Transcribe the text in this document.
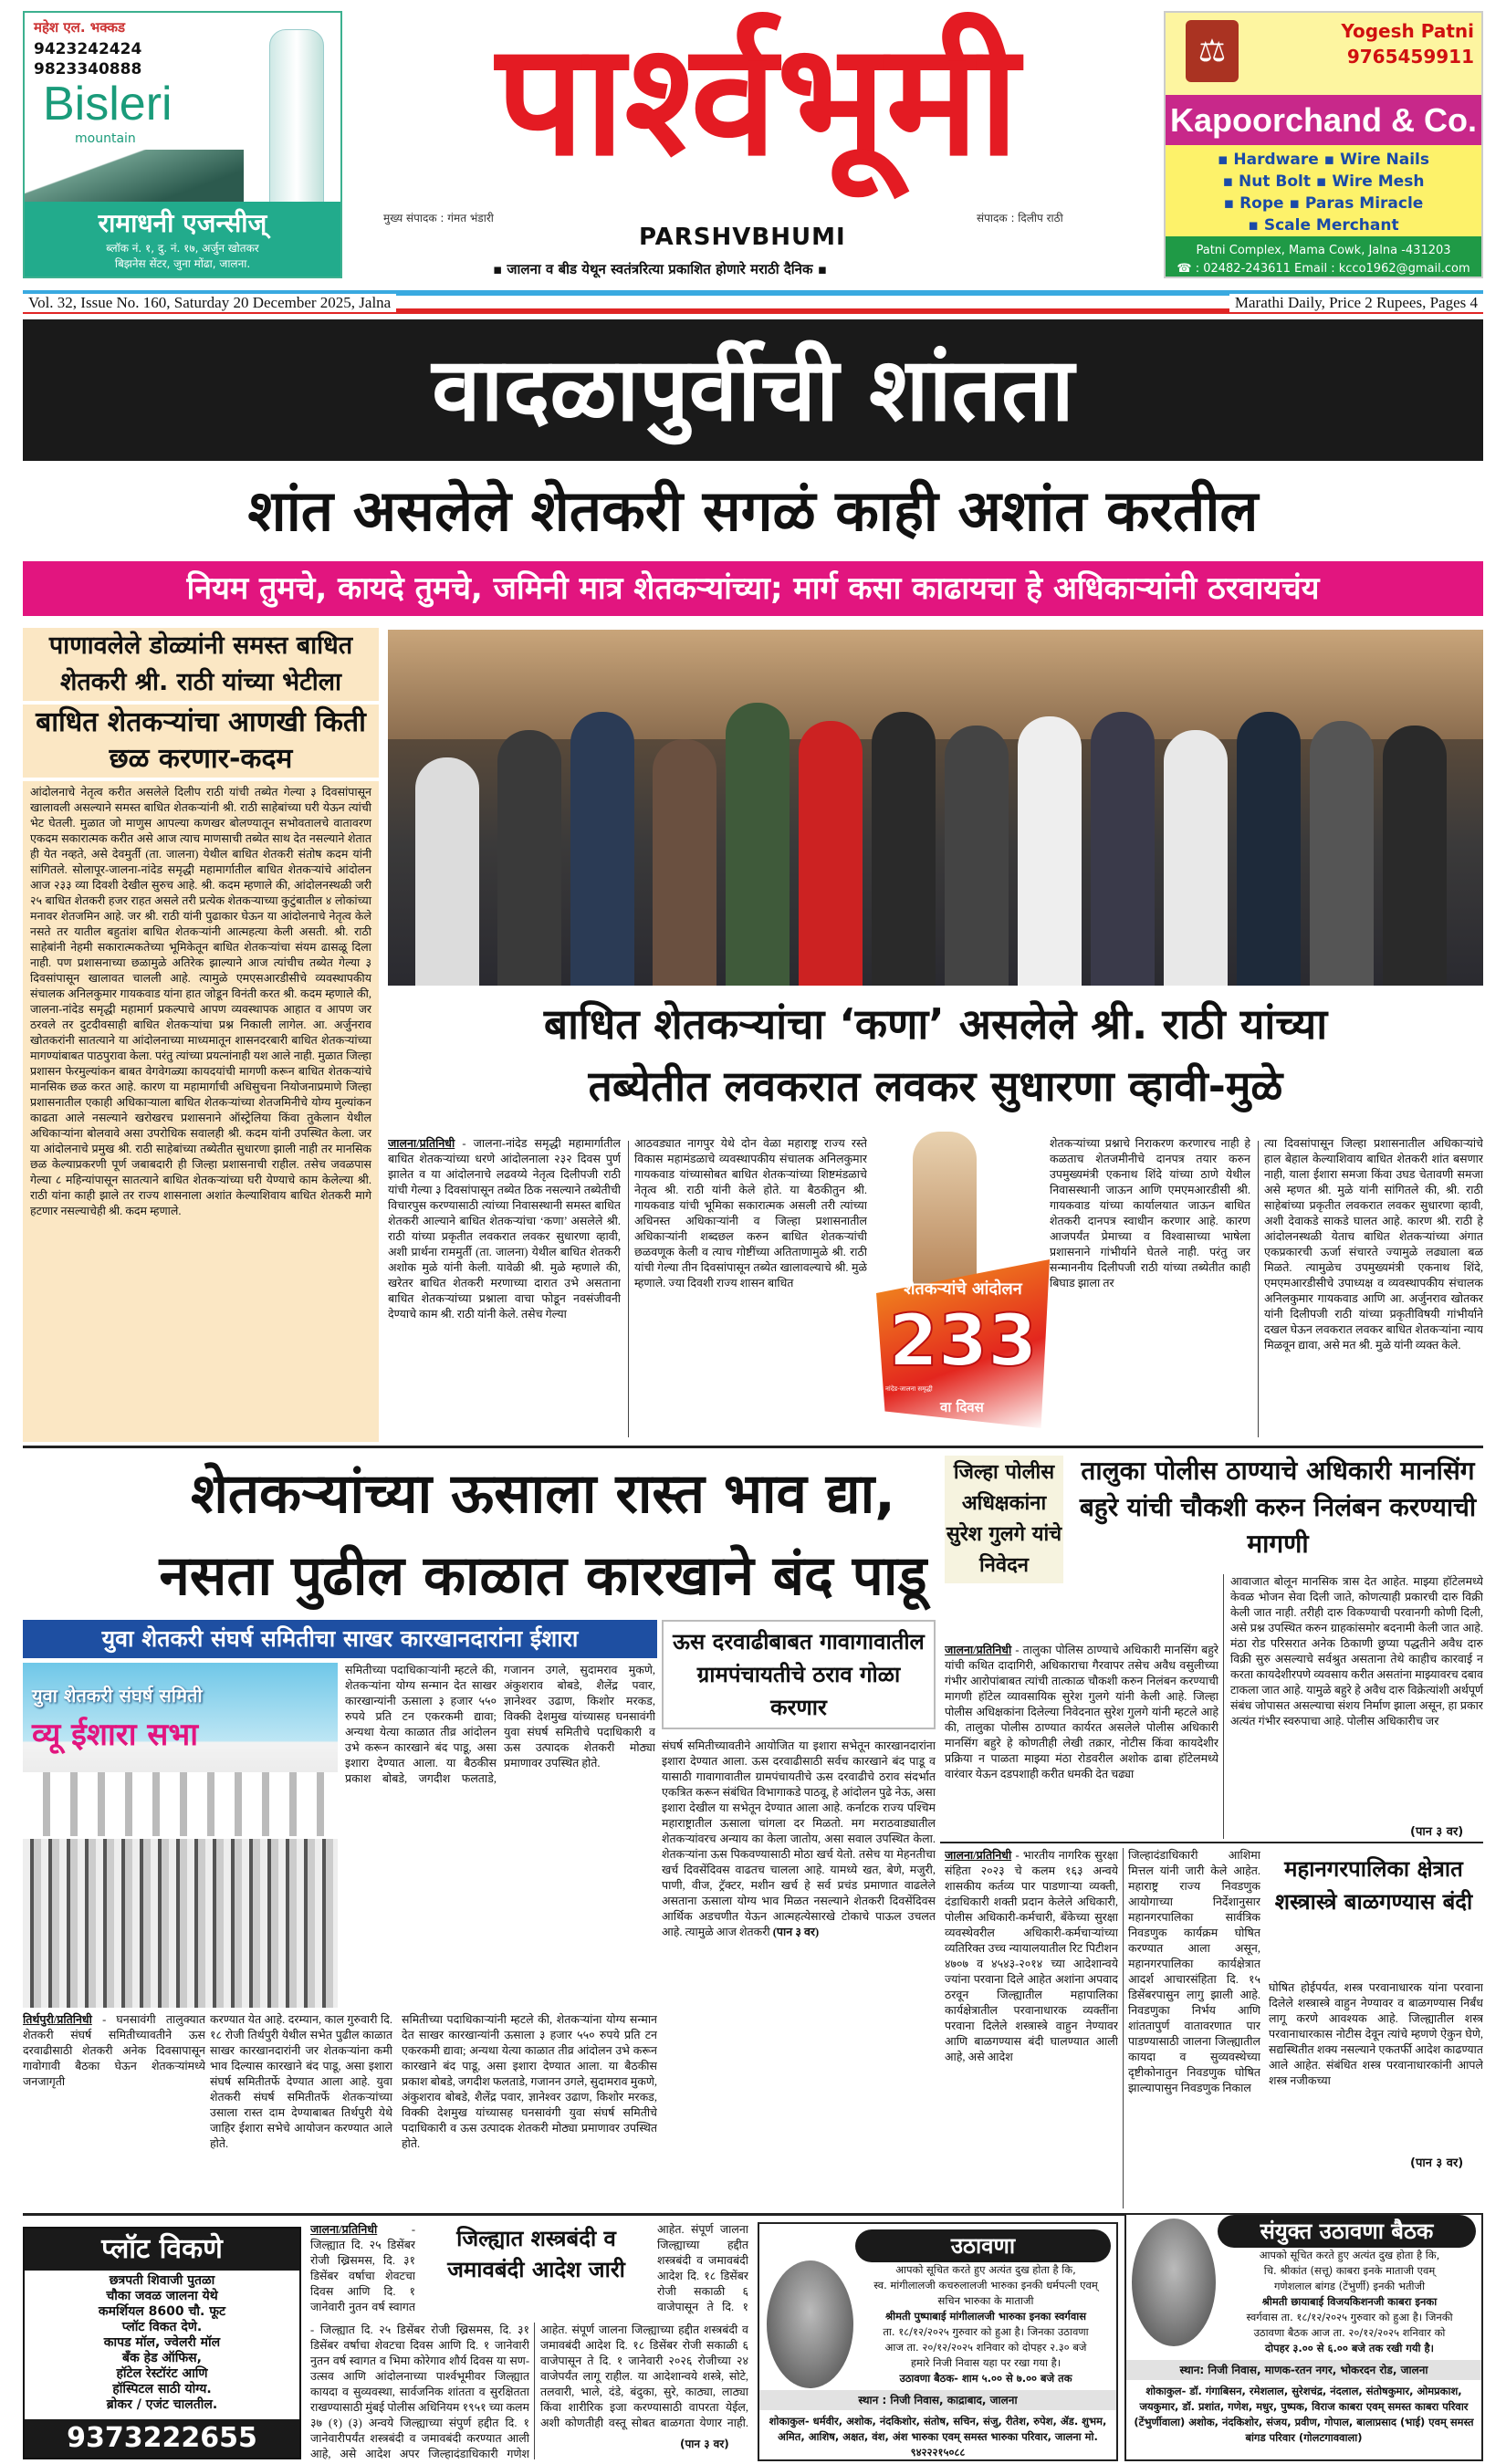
महेश एल. भक्कड
9423242424
9823340888
Bisleri
mountain
रामाधनी एजन्सीज्
ब्लॉक नं. १, दु. नं. १७, अर्जुन खोतकर
बिझनेस सेंटर, जुना मोंढा, जालना.
पार्श्वभूमी
मुख्य संपादक : गंमत भंडारी	संपादक : दिलीप राठी
PARSHVBHUMI
▪ जालना व बीड येथून स्वतंत्ररित्या प्रकाशित होणारे मराठी दैनिक ▪
⚖
Yogesh Patni
9765459911
Kapoorchand & Co.
▪ Hardware ▪ Wire Nails
▪ Nut Bolt ▪ Wire Mesh
▪ Rope ▪ Paras Miracle
▪ Scale Merchant
Patni Complex, Mama Cowk, Jalna -431203
☎ : 02482-243611 Email : kcco1962@gmail.com
Vol. 32, Issue No. 160, Saturday 20 December 2025, Jalna	Marathi Daily, Price 2 Rupees, Pages 4
वादळापुर्वीची शांतता
शांत असलेले शेतकरी सगळं काही अशांत करतील
नियम तुमचे, कायदे तुमचे, जमिनी मात्र शेतकऱ्यांच्या; मार्ग कसा काढायचा हे अधिकाऱ्यांनी ठरवायचंय
पाणावलेले डोळ्यांनी समस्त बाधित शेतकरी श्री. राठी यांच्या भेटीला
बाधित शेतकऱ्यांचा आणखी किती छळ करणार-कदम
आंदोलनाचे नेतृत्व करीत असलेले दिलीप राठी यांची तब्येत गेल्या ३ दिवसांपासून खालावली असल्याने समस्त बाधित शेतकऱ्यांनी श्री. राठी साहेबांच्या घरी येऊन त्यांची भेट घेतली. मुळात जो माणुस आपल्या कणखर बोलण्यातून सभोवतालचे वातावरण एकदम सकारात्मक करीत असे आज त्याच माणसाची तब्येत साथ देत नसल्याने शेतात ही येत नव्हते, असे देवमुर्ती (ता. जालना) येथील बाधित शेतकरी संतोष कदम यांनी सांगितले. सोलापूर-जालना-नांदेड समृद्धी महामार्गातील बाधित शेतकऱ्यांचे आंदोलन आज २३३ व्या दिवशी देखील सुरुच आहे. श्री. कदम म्हणाले की, आंदोलनस्थळी जरी २५ बाधित शेतकरी हजर राहत असले तरी प्रत्येक शेतकऱ्याच्या कुटुंबातील ४ लोकांच्या मनावर शेतजमिन आहे. जर श्री. राठी यांनी पुढाकार घेऊन या आंदोलनाचे नेतृत्व केले नसते तर यातील बहुतांश बाधित शेतकऱ्यांनी आत्महत्या केली असती. श्री. राठी साहेबांनी नेहमी सकारात्मकतेच्या भूमिकेतून बाधित शेतकऱ्यांचा संयम ढासळू दिला नाही. पण प्रशासनाच्या छळामुळे अतिरेक झाल्याने आज त्यांचीच तब्येत गेल्या ३ दिवसांपासून खालावत चालली आहे. त्यामुळे एमएसआरडीसीचे व्यवस्थापकीय संचालक अनिलकुमार गायकवाड यांना हात जोडून विनंती करत श्री. कदम म्हणाले की, जालना-नांदेड समृद्धी महामार्ग प्रकल्पाचे आपण व्यवस्थापक आहात व आपण जर ठरवले तर दुटदीवसाही बाधित शेतकऱ्यांचा प्रश्न निकाली लागेल. आ. अर्जुनराव खोतकरांनी सातत्याने या आंदोलनाच्या माध्यमातून शासनदरबारी बाधित शेतकऱ्यांच्या मागण्यांबाबत पाठपुरावा केला. परंतु त्यांच्या प्रयत्नांनाही यश आले नाही. मुळात जिल्हा प्रशासन फेरमुल्यांकन बाबत वेगवेगळ्या कायदयांची मागणी करून बाधित शेतकऱ्यांचे मानसिक छळ करत आहे. कारण या महामार्गाची अधिसुचना नियोजनाप्रमाणे जिल्हा प्रशासनातील एकाही अधिकाऱ्याला बाधित शेतकऱ्यांच्या शेतजमिनीचे योग्य मुल्यांकन काढता आले नसल्याने खरोखरच प्रशासनाने ऑस्ट्रेलिया किंवा तुकेलान येथील अधिकाऱ्यांना बोलवावे असा उपरोधिक सवालही श्री. कदम यांनी उपस्थित केला. जर या आंदोलनाचे प्रमुख श्री. राठी साहेबांच्या तब्येतीत सुधारणा झाली नाही तर मानसिक छळ केल्याप्रकरणी पूर्ण जबाबदारी ही जिल्हा प्रशासनाची राहील. तसेच जवळपास गेल्या ८ महिन्यांपासून सातत्याने बाधित शेतकऱ्यांच्या घरी येण्याचे काम केलेल्या श्री. राठी यांना काही झाले तर राज्य शासनाला अशांत केल्याशिवाय बाधित शेतकरी मागे हटणार नसल्याचेही श्री. कदम म्हणाले.
बाधित शेतकऱ्यांचा ‘कणा’ असलेले श्री. राठी यांच्या
तब्येतीत लवकरात लवकर सुधारणा व्हावी-मुळे
जालना/प्रतिनिधी - जालना-नांदेड समृद्धी महामार्गातील बाधित शेतकऱ्यांच्या धरणे आंदोलनाला २३२ दिवस पुर्ण झालेत व या आंदोलनाचे लढवय्ये नेतृत्व दिलीपजी राठी यांची गेल्या ३ दिवसांपासून तब्येत ठिक नसल्याने तब्येतीची विचारपुस करण्यासाठी त्यांच्या निवासस्थानी समस्त बाधित शेतकरी आल्याने बाधित शेतकऱ्यांचा ‘कणा’ असलेले श्री. राठी यांच्या प्रकृतीत लवकरात लवकर सुधारणा व्हावी, अशी प्रार्थना राममुर्ती (ता. जालना) येथील बाधित शेतकरी अशोक मुळे यांनी केली. यावेळी श्री. मुळे म्हणाले की, खरेतर बाधित शेतकरी मरणाच्या दारात उभे असताना बाधित शेतकऱ्यांच्या प्रश्नाला वाचा फोडून नवसंजीवनी देण्याचे काम श्री. राठी यांनी केले. तसेच गेल्या
आठवड्यात नागपुर येथे दोन वेळा महाराष्ट्र राज्य रस्ते विकास महामंडळाचे व्यवस्थापकीय संचालक अनिलकुमार गायकवाड यांच्यासोबत बाधित शेतकऱ्यांच्या शिष्टमंडळाचे नेतृत्व श्री. राठी यांनी केले होते. या बैठकीतुन श्री. गायकवाड यांची भूमिका सकारात्मक असली तरी त्यांच्या अधिनस्त अधिकाऱ्यांनी व जिल्हा प्रशासनातील अधिकाऱ्यांनी शब्दछल करुन बाधित शेतकऱ्यांची छळवणूक केली व त्याच गोष्टींच्या अतिताणामुळे श्री. राठी यांची गेल्या तीन दिवसांपासून तब्येत खालावल्याचे श्री. मुळे म्हणाले. ज्या दिवशी राज्य शासन बाधित	शेतकऱ्यांचे आंदोलन
233
नांदेड-जालना समृद्धी
वा दिवस
शेतकऱ्यांच्या प्रश्नाचे निराकरण करणारच नाही हे कळताच शेतजमीनीचे दानपत्र तयार करुन उपमुख्यमंत्री एकनाथ शिंदे यांच्या ठाणे येथील निवासस्थानी जाऊन आणि एमएमआरडीसी श्री. गायकवाड यांच्या कार्यालयात जाऊन बाधित शेतकरी दानपत्र स्वाधीन करणार आहे. कारण आजपर्यंत प्रेमाच्या व विश्वासाच्या भाषेला प्रशासनाने गांभीर्याने घेतले नाही. परंतु जर सन्माननीय दिलीपजी राठी यांच्या तब्येतीत काही बिघाड झाला तर
त्या दिवसांपासून जिल्हा प्रशासनातील अधिकाऱ्यांचे हाल बेहाल केल्याशिवाय बाधित शेतकरी शांत बसणार नाही, याला ईशारा समजा किंवा उघड चेतावणी समजा असे म्हणत श्री. मुळे यांनी सांगितले की, श्री. राठी साहेबांच्या प्रकृतीत लवकरात लवकर सुधारणा व्हावी, अशी देवाकडे साकडे घालत आहे. कारण श्री. राठी हे आंदोलनस्थळी येताच बाधित शेतकऱ्यांच्या अंगात एकप्रकारची ऊर्जा संचारते ज्यामुळे लढ्याला बळ मिळते. त्यामुळेच उपमुख्यमंत्री एकनाथ शिंदे, एमएमआरडीसीचे उपाध्यक्ष व व्यवस्थापकीय संचालक अनिलकुमार गायकवाड आणि आ. अर्जुनराव खोतकर यांनी दिलीपजी राठी यांच्या प्रकृतीविषयी गांभीर्याने दखल घेऊन लवकरात लवकर बाधित शेतकऱ्यांना न्याय मिळवून द्यावा, असे मत श्री. मुळे यांनी व्यक्त केले.
शेतकऱ्यांच्या ऊसाला रास्त भाव द्या,
नसता पुढील काळात कारखाने बंद पाडू
युवा शेतकरी संघर्ष समितीचा साखर कारखानदारांना ईशारा
युवा शेतकरी संघर्ष समिती
व्यू ईशारा सभा
तिर्थपुरी/प्रतिनिधी - घनसावंगी तालुक्यात शेतकरी संघर्ष समितीच्यावतीने ऊस दरवाढीसाठी शेतकरी अनेक दिवसापासून गावोगावी बैठका घेऊन शेतकऱ्यांमध्ये जनजागृती
करण्यात येत आहे. दरम्यान, काल गुरुवारी दि. १८ रोजी तिर्थपुरी येथील सभेत पुढील काळात साखर कारखानदारांनी जर शेतकऱ्यांना कमी भाव दिल्यास कारखाने बंद पाडू, असा इशारा संघर्ष समितीतर्फे देण्यात आला आहे. युवा शेतकरी संघर्ष समितीतर्फे शेतकऱ्यांच्या उसाला रास्त दाम देण्याबाबत तिर्थपुरी येथे जाहिर ईशारा सभेचे आयोजन करण्यात आले होते.
समितीच्या पदाधिकाऱ्यांनी म्हटले की, शेतकऱ्यांना योग्य सन्मान देत साखर कारखान्यांनी ऊसाला ३ हजार ५५० रुपये प्रति टन एकरकमी द्यावा; अन्यथा येत्या काळात तीव्र आंदोलन उभे करून कारखाने बंद पाडू, असा इशारा देण्यात आला. या बैठकीस प्रकाश बोबडे, जगदीश फलताडे, गजानन उगले, सुदामराव मुकणे, अंकुशराव बोबडे, शैलेंद्र पवार, ज्ञानेश्वर उढाण, किशोर मरकड, विक्की देशमुख यांच्यासह घनसावंगी युवा संघर्ष समितीचे पदाधिकारी व ऊस उत्पादक शेतकरी मोठ्या प्रमाणावर उपस्थित होते.
समितीच्या पदाधिकाऱ्यांनी म्हटले की, शेतकऱ्यांना योग्य सन्मान देत साखर कारखान्यांनी ऊसाला ३ हजार ५५० रुपये प्रति टन एकरकमी द्यावा; अन्यथा येत्या काळात तीव्र आंदोलन उभे करून कारखाने बंद पाडू, असा इशारा देण्यात आला. या बैठकीस प्रकाश बोबडे, जगदीश फलताडे, गजानन उगले, सुदामराव मुकणे, अंकुशराव बोबडे, शैलेंद्र पवार, ज्ञानेश्वर उढाण, किशोर मरकड, विक्की देशमुख यांच्यासह घनसावंगी युवा संघर्ष समितीचे पदाधिकारी व ऊस उत्पादक शेतकरी मोठ्या प्रमाणावर उपस्थित होते.
ऊस दरवाढीबाबत गावागावातील ग्रामपंचायतीचे ठराव गोळा करणार
संघर्ष समितीच्यावतीने आयोजित या इशारा सभेतून कारखानदारांना इशारा देण्यात आला. ऊस दरवाढीसाठी सर्वच कारखाने बंद पाडू व यासाठी गावागावातील ग्रामपंचायतीचे ऊस दरवाढीचे ठराव संदर्भात एकत्रित करून संबंधित विभागाकडे पाठवू, हे आंदोलन पुढे नेऊ, असा इशारा देखील या सभेतून देण्यात आला आहे. कर्नाटक राज्य पश्चिम महाराष्ट्रातील ऊसाला चांगला दर मिळतो. मग मराठवाड्यातील शेतकऱ्यांवरच अन्याय का केला जातोय, असा सवाल उपस्थित केला. शेतकऱ्यांना ऊस पिकवण्यासाठी मोठा खर्च येतो. तसेच या मेहनतीचा खर्च दिवसेंदिवस वाढतच चालला आहे. यामध्ये खत, बेणे, मजुरी, पाणी, वीज, ट्रॅक्टर, मशीन खर्च हे सर्व प्रचंड प्रमाणात वाढलेले असताना ऊसाला योग्य भाव मिळत नसल्याने शेतकरी दिवसेंदिवस आर्थिक अडचणीत येऊन आत्महत्येसारखे टोकाचे पाऊल उचलत आहे. त्यामुळे आज शेतकरी (पान ३ वर)
जिल्हा पोलीस अधिक्षकांना सुरेश गुलगे यांचे निवेदन
तालुका पोलीस ठाण्याचे अधिकारी मानसिंग बहुरे यांची चौकशी करुन निलंबन करण्याची मागणी
जालना/प्रतिनिधी - तालुका पोलिस ठाण्याचे अधिकारी मानसिंग बहुरे यांची कथित दादागिरी, अधिकाराचा गैरवापर तसेच अवैध वसुलीच्या गंभीर आरोपांबाबत त्यांची तात्काळ चौकशी करुन निलंबन करण्याची मागणी हॉटेल व्यावसायिक सुरेश गुलगे यांनी केली आहे. जिल्हा पोलीस अधिक्षकांना दिलेल्या निवेदनात सुरेश गुलगे यांनी म्हटले आहे की, तालुका पोलीस ठाण्यात कार्यरत असलेले पोलीस अधिकारी मानसिंग बहुरे हे कोणतीही लेखी तक्रार, नोटीस किंवा कायदेशीर प्रक्रिया न पाळता माझ्या मंठा रोडवरील अशोक ढाबा हॉटेलमध्ये वारंवार येऊन दडपशाही करीत धमकी देत चढ्या
आवाजात बोलून मानसिक त्रास देत आहेत. माझ्या हॉटेलमध्ये केवळ भोजन सेवा दिली जाते, कोणत्याही प्रकारची दारु विक्री केली जात नाही. तरीही दारु विकण्याची परवानगी कोणी दिली, असे प्रश्न उपस्थित करुन ग्राहकांसमोर बदनामी केली जात आहे. मंठा रोड परिसरात अनेक ठिकाणी छुप्या पद्धतीने अवैध दारु विक्री सुरु असल्याचे सर्वश्रुत असताना तेथे काहीच कारवाई न करता कायदेशीरपणे व्यवसाय करीत असतांना माझ्यावरच दबाव टाकला जात आहे. यामुळे बहुरे हे अवैध दारु विक्रेत्यांशी अर्थपूर्ण संबंध जोपासत असल्याचा संशय निर्माण झाला असून, हा प्रकार अत्यंत गंभीर स्वरुपाचा आहे. पोलीस अधिकारीच जर
(पान ३ वर)
जालना/प्रतिनिधी - भारतीय नागरिक सुरक्षा संहिता २०२३ चे कलम १६३ अन्वये शासकीय कर्तव्य पार पाडणाऱ्या व्यक्ती, दंडाधिकारी शक्ती प्रदान केलेले अधिकारी, पोलीस अधिकारी-कर्मचारी, बँकेच्या सुरक्षा व्यवस्थेवरील अधिकारी-कर्मचाऱ्यांच्या व्यतिरिक्त उच्च न्यायालयातील रिट पिटीशन ४७०७ व ४५४३-२०१४ च्या आदेशान्वये ज्यांना परवाना दिले आहेत अशांना अपवाद ठरवून जिल्ह्यातील महापालिका कार्यक्षेत्रातील परवानाधारक व्यक्तींना परवाना दिलेले शस्त्रास्त्रे वाहुन नेण्यावर आणि बाळगण्यास बंदी घालण्यात आली आहे, असे आदेश
जिल्हादंडाधिकारी आशिमा मित्तल यांनी जारी केले आहेत. महाराष्ट्र राज्य निवडणुक आयोगाच्या निर्देशानुसार महानगरपालिका सार्वत्रिक निवडणुक कार्यक्रम घोषित करण्यात आला असून, महानगरपालिका कार्यक्षेत्रात आदर्श आचारसंहिता दि. १५ डिसेंबरपासुन लागु झाली आहे. निवडणुका निर्भय आणि शांततापुर्ण वातावरणात पार पाडण्यासाठी जालना जिल्ह्यातील कायदा व सुव्यवस्थेच्या दृष्टीकोनातुन निवडणुक घोषित झाल्यापासुन निवडणुक निकाल
महानगरपालिका क्षेत्रात शस्त्रास्त्रे बाळगण्यास बंदी
घोषित होईपर्यत, शस्त्र परवानाधारक यांना परवाना दिलेले शस्त्रास्त्रे वाहुन नेण्यावर व बाळगण्यास निर्बंध लागू करणे आवश्यक आहे. जिल्ह्यातील शस्त्र परवानाधारकास नोटीस देवून त्यांचे म्हणणे ऐकुन घेणे, सद्यस्थितीत शक्य नसल्याने एकतर्फी आदेश काढण्यात आले आहेत. संबंधित शस्त्र परवानाधारकांनी आपले शस्त्र नजीकच्या
(पान ३ वर)
प्लॉट विकणे
छत्रपती शिवाजी पुतळा
चौका जवळ जालना येथे
कमर्शियल 8600 चौ. फूट
प्लॉट विकत देणे.
कापड मॉल, ज्वेलरी मॉल
बँक हेड ऑफिस,
हॉटेल रेस्टॉरंट आणि
हॉस्पिटल साठी योग्य.
ब्रोकर / एजंट चालतील.
9373222655
जालना/प्रतिनिधी	- जिल्ह्यात दि. २५ डिसेंबर रोजी ख्रिसमस, दि. ३१ डिसेंबर वर्षाचा शेवटचा दिवस आणि दि. १ जानेवारी नुतन वर्ष स्वागत
जिल्ह्यात शस्त्रबंदी व जमावबंदी आदेश जारी
आहेत. संपूर्ण जालना जिल्ह्याच्या हद्दीत शस्त्रबंदी व जमावबंदी आदेश दि. १८ डिसेंबर रोजी सकाळी ६ वाजेपासून ते दि. १
- जिल्ह्यात दि. २५ डिसेंबर रोजी ख्रिसमस, दि. ३१ डिसेंबर वर्षाचा शेवटचा दिवस आणि दि. १ जानेवारी नुतन वर्ष स्वागत व भिमा कोरेगाव शौर्य दिवस या सण-उत्सव आणि आंदोलनाच्या पार्श्वभूमीवर जिल्ह्यात कायदा व सुव्यवस्था, सार्वजनिक शांतता व सुरक्षितता राखण्यासाठी मुंबई पोलीस अधिनियम १९५१ च्या कलम ३७ (१) (३) अन्वये जिल्ह्याच्या संपुर्ण हद्दीत दि. १ जानेवारीपर्यंत शस्त्रबंदी व जमावबंदी करण्यात आली आहे, असे आदेश अपर जिल्हादंडाधिकारी गणेश
आहेत. संपूर्ण जालना जिल्ह्याच्या हद्दीत शस्त्रबंदी व जमावबंदी आदेश दि. १८ डिसेंबर रोजी सकाळी ६ वाजेपासून ते दि. १ जानेवारी २०२६ रोजीच्या २४ वाजेपर्यंत लागू राहील. या आदेशान्वये शस्त्रे, सोटे, तलवारी, भाले, दंडे, बंदुका, सुरे, काठ्या, लाठ्या किंवा शारीरिक इजा करण्यासाठी वापरता येईल, अशी कोणतीही वस्तू सोबत बाळगता येणार नाही.
(पान ३ वर)
उठावणा
आपको सूचित करते हुए अत्यंत दुख होता है कि,
स्व. मांगीलालजी कचरुलालजी भारुका इनकी धर्मपत्नी एवम्
सचिन भारुका के माताजी
श्रीमती पुष्पाबाई मांगीलालजी भारुका इनका स्वर्गवास
ता. १८/१२/२०२५ गुरुवार को हुआ है। जिनका उठावणा
आज ता. २०/१२/२०२५ शनिवार को दोपहर २.३० बजे
हमारे निजी निवास यहा पर रखा गया है।
उठावणा बैठक- शाम ५.०० से ७.०० बजे तक
स्थान : निजी निवास, काद्राबाद, जालना
शोकाकुल- धर्मवीर, अशोक, नंदकिशोर, संतोष, सचिन, संजु, रीतेश, रुपेश, ॲड. शुभम, अमित, आशिष, अक्षत, वंश, अंश भारुका एवम् समस्त भारुका परिवार, जालना मो. ९४२२२१५०८८
संयुक्त उठावणा बैठक
आपको सूचित करते हुए अत्यंत दुख होता है कि,
चि. श्रीकांत (सत्तू) काबरा इनके माताजी एवम्
गणेशलाल बांगड (टेंभुर्णी) इनकी भतीजी
श्रीमती छायाबाई विजयकिशनजी काबरा इनका
स्वर्गवास ता. १८/१२/२०२५ गुरुवार को हुआ है। जिनकी
उठावणा बैठक आज ता. २०/१२/२०२५ शनिवार को
दोपहर ३.०० से ६.०० बजे तक रखी गयी है।
स्थान: निजी निवास, माणक-रतन नगर, भोकरदन रोड, जालना
शोकाकुल- डॉ. गंगाबिसन, रमेशलाल, सुरेशचंद्र, नंदलाल, संतोषकुमार, ओमप्रकाश, जयकुमार, डॉ. प्रशांत, गणेश, मधुर, पुष्पक, विराज काबरा एवम् समस्त काबरा परिवार (टेंभुर्णीवाला) अशोक, नंदकिशोर, संजय, प्रवीण, गोपाल, बालाप्रसाद (भाई) एवम् समस्त बांगड परिवार (गोलटगाववाला)
